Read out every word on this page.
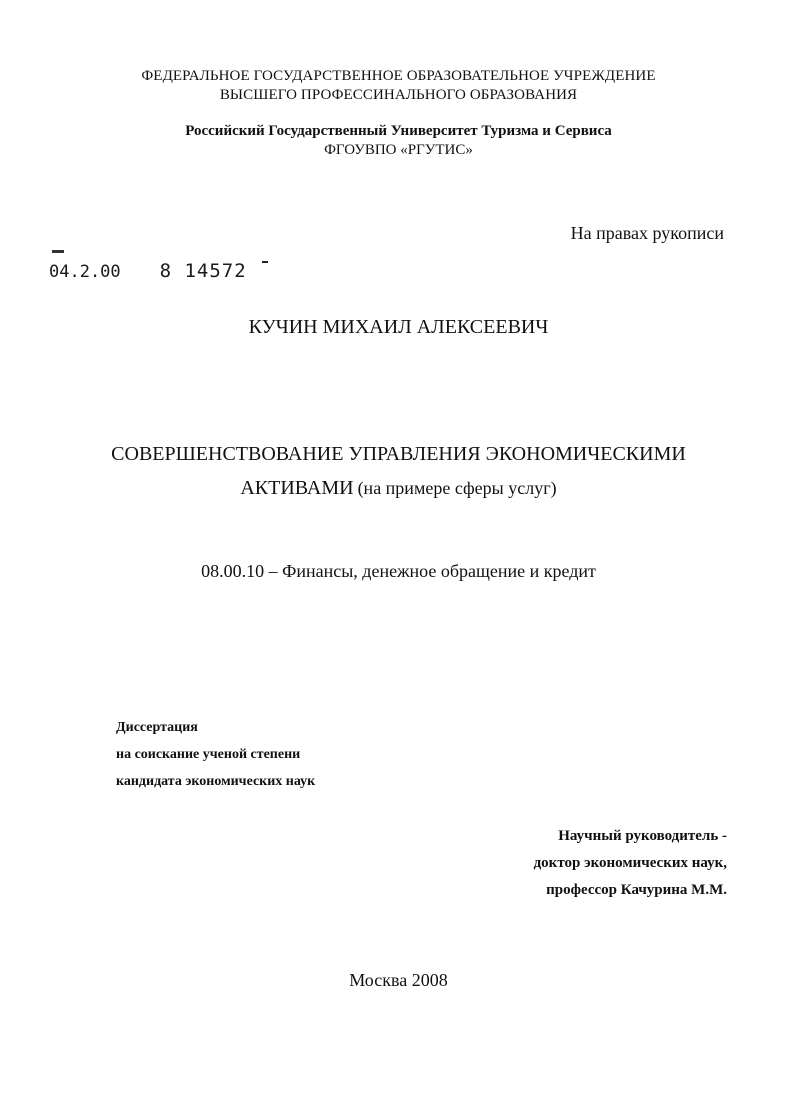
ФЕДЕРАЛЬНОЕ ГОСУДАРСТВЕННОЕ ОБРАЗОВАТЕЛЬНОЕ УЧРЕЖДЕНИЕ
ВЫСШЕГО ПРОФЕССИНАЛЬНОГО ОБРАЗОВАНИЯ
Российский Государственный Университет Туризма и Сервиса
ФГОУВПО «РГУТИС»
На правах рукописи
04.2.00 8 14572
КУЧИН МИХАИЛ АЛЕКСЕЕВИЧ
СОВЕРШЕНСТВОВАНИЕ УПРАВЛЕНИЯ ЭКОНОМИЧЕСКИМИ
АКТИВАМИ (на примере сферы услуг)
08.00.10 – Финансы, денежное обращение и кредит
Диссертация
на соискание ученой степени
кандидата экономических наук
Научный руководитель -
доктор экономических наук,
профессор Качурина М.М.
Москва 2008
